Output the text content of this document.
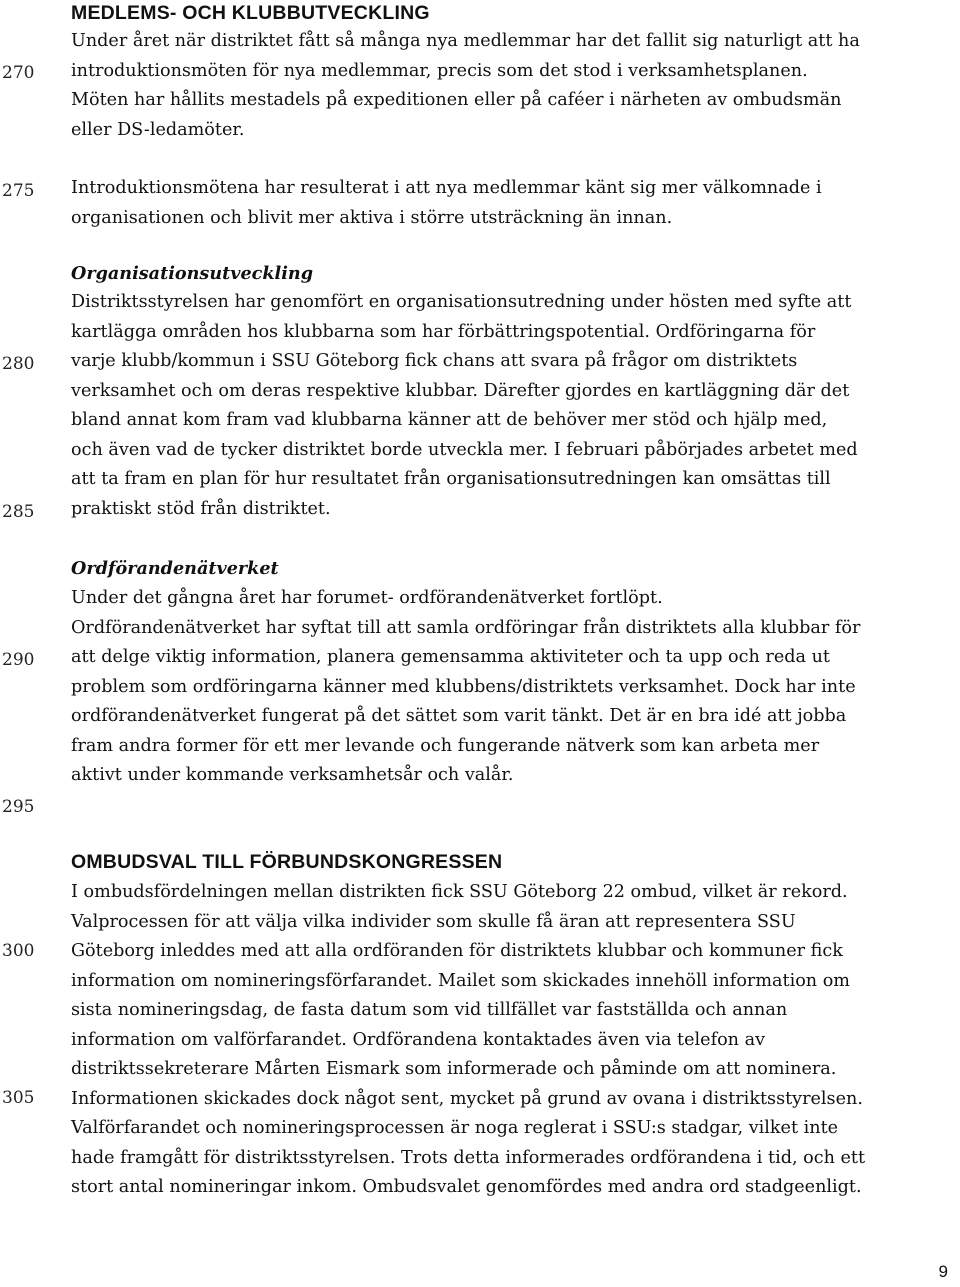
270
275
280
285
290
295
300
305
MEDLEMS- OCH KLUBBUTVECKLING

Under året när distriktet fått så många nya medlemmar har det fallit sig naturligt att ha
introduktionsmöten för nya medlemmar, precis som det stod i verksamhetsplanen.
Möten har hållits mestadels på expeditionen eller på caféer i närheten av ombudsmän
eller DS-ledamöter.

Introduktionsmötena har resulterat i att nya medlemmar känt sig mer välkomnade i
organisationen och blivit mer aktiva i större utsträckning än innan.

Organisationsutveckling

Distriktsstyrelsen har genomfört en organisationsutredning under hösten med syfte att
kartlägga områden hos klubbarna som har förbättringspotential. Ordföringarna för
varje klubb/kommun i SSU Göteborg fick chans att svara på frågor om distriktets
verksamhet och om deras respektive klubbar. Därefter gjordes en kartläggning där det
bland annat kom fram vad klubbarna känner att de behöver mer stöd och hjälp med,
och även vad de tycker distriktet borde utveckla mer. I februari påbörjades arbetet med
att ta fram en plan för hur resultatet från organisationsutredningen kan omsättas till
praktiskt stöd från distriktet.

Ordförandenätverket

Under det gångna året har forumet- ordförandenätverket fortlöpt.
Ordförandenätverket har syftat till att samla ordföringar från distriktets alla klubbar för
att delge viktig information, planera gemensamma aktiviteter och ta upp och reda ut
problem som ordföringarna känner med klubbens/distriktets verksamhet. Dock har inte
ordförandenätverket fungerat på det sättet som varit tänkt. Det är en bra idé att jobba
fram andra former för ett mer levande och fungerande nätverk som kan arbeta mer
aktivt under kommande verksamhetsår och valår.

OMBUDSVAL TILL FÖRBUNDSKONGRESSEN

I ombudsfördelningen mellan distrikten fick SSU Göteborg 22 ombud, vilket är rekord.
Valprocessen för att välja vilka individer som skulle få äran att representera SSU
Göteborg inleddes med att alla ordföranden för distriktets klubbar och kommuner fick
information om nomineringsförfarandet. Mailet som skickades innehöll information om
sista nomineringsdag, de fasta datum som vid tillfället var fastställda och annan
information om valförfarandet. Ordförandena kontaktades även via telefon av
distriktssekreterare Mårten Eismark som informerade och påminde om att nominera.
Informationen skickades dock något sent, mycket på grund av ovana i distriktsstyrelsen.
Valförfarandet och nomineringsprocessen är noga reglerat i SSU:s stadgar, vilket inte
hade framgått för distriktsstyrelsen. Trots detta informerades ordförandena i tid, och ett
stort antal nomineringar inkom. Ombudsvalet genomfördes med andra ord stadgeenligt.

9
